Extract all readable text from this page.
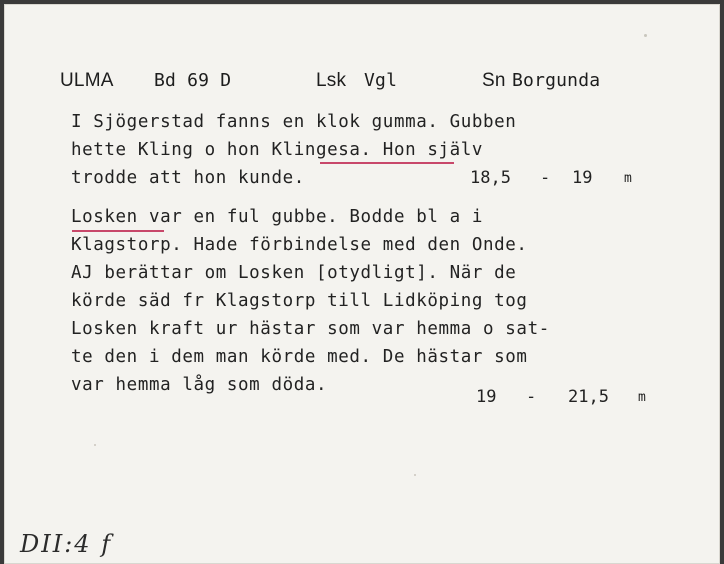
ULMA Bd 69 D	Lsk Vgl	Sn Borgunda
I Sjögerstad fanns en klok gumma. Gubben
hette Kling o hon Klingesa. Hon själv
trodde att hon kunde.	18,5 - 19 m
Losken var en ful gubbe. Bodde bl a i
Klagstorp. Hade förbindelse med den Onde.
AJ berättar om Losken [otydligt]. När de
körde säd fr Klagstorp till Lidköping tog
Losken kraft ur hästar som var hemma o sat-
te den i dem man körde med. De hästar som
var hemma låg som döda.
19 - 21,5 m
DII:4 f
